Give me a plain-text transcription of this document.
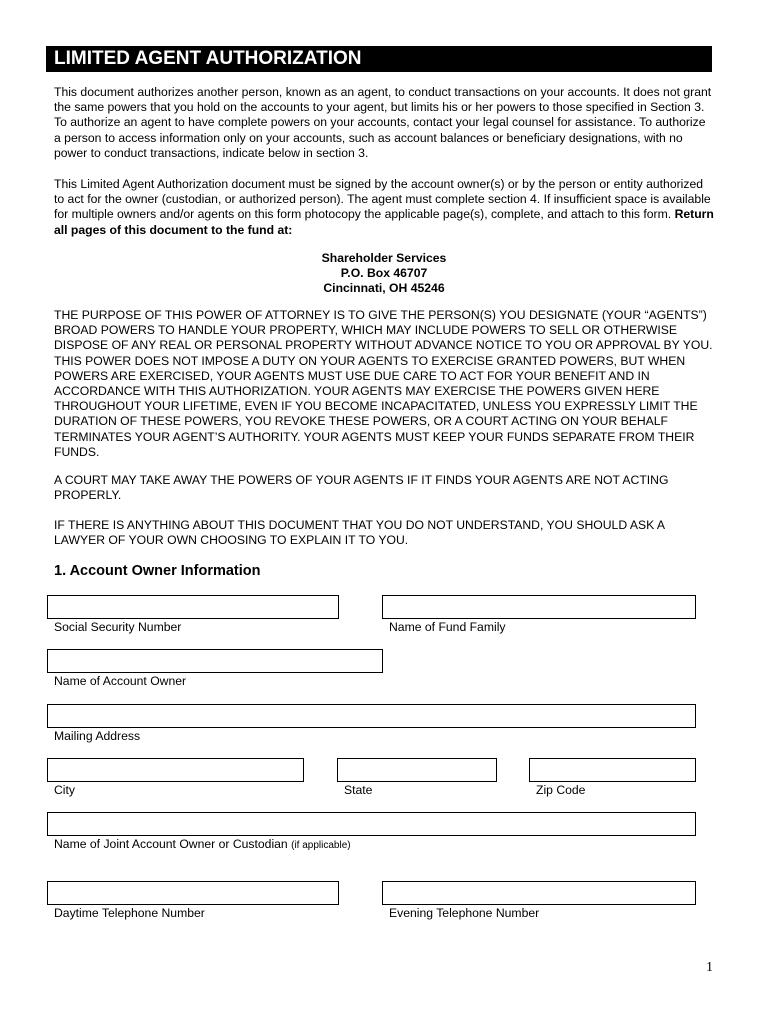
LIMITED AGENT AUTHORIZATION

This document authorizes another person, known as an agent, to conduct transactions on your accounts. It does not grant the same powers that you hold on the accounts to your agent, but limits his or her powers to those specified in Section 3. To authorize an agent to have complete powers on your accounts, contact your legal counsel for assistance. To authorize a person to access information only on your accounts, such as account balances or beneficiary designations, with no power to conduct transactions, indicate below in section 3.

This Limited Agent Authorization document must be signed by the account owner(s) or by the person or entity authorized to act for the owner (custodian, or authorized person). The agent must complete section 4. If insufficient space is available for multiple owners and/or agents on this form photocopy the applicable page(s), complete, and attach to this form. Return all pages of this document to the fund at:

Shareholder Services
P.O. Box 46707
Cincinnati, OH 45246

THE PURPOSE OF THIS POWER OF ATTORNEY IS TO GIVE THE PERSON(S) YOU DESIGNATE (YOUR “AGENTS”) BROAD POWERS TO HANDLE YOUR PROPERTY, WHICH MAY INCLUDE POWERS TO SELL OR OTHERWISE DISPOSE OF ANY REAL OR PERSONAL PROPERTY WITHOUT ADVANCE NOTICE TO YOU OR APPROVAL BY YOU. THIS POWER DOES NOT IMPOSE A DUTY ON YOUR AGENTS TO EXERCISE GRANTED POWERS, BUT WHEN POWERS ARE EXERCISED, YOUR AGENTS MUST USE DUE CARE TO ACT FOR YOUR BENEFIT AND IN ACCORDANCE WITH THIS AUTHORIZATION. YOUR AGENTS MAY EXERCISE THE POWERS GIVEN HERE THROUGHOUT YOUR LIFETIME, EVEN IF YOU BECOME INCAPACITATED, UNLESS YOU EXPRESSLY LIMIT THE DURATION OF THESE POWERS, YOU REVOKE THESE POWERS, OR A COURT ACTING ON YOUR BEHALF TERMINATES YOUR AGENT’S AUTHORITY. YOUR AGENTS MUST KEEP YOUR FUNDS SEPARATE FROM THEIR FUNDS.

A COURT MAY TAKE AWAY THE POWERS OF YOUR AGENTS IF IT FINDS YOUR AGENTS ARE NOT ACTING PROPERLY.

IF THERE IS ANYTHING ABOUT THIS DOCUMENT THAT YOU DO NOT UNDERSTAND, YOU SHOULD ASK A LAWYER OF YOUR OWN CHOOSING TO EXPLAIN IT TO YOU.

1. Account Owner Information
Social Security Number	Name of Fund Family
Name of Account Owner
Mailing Address
City	State	Zip Code
Name of Joint Account Owner or Custodian (if applicable)
Daytime Telephone Number	Evening Telephone Number
1
